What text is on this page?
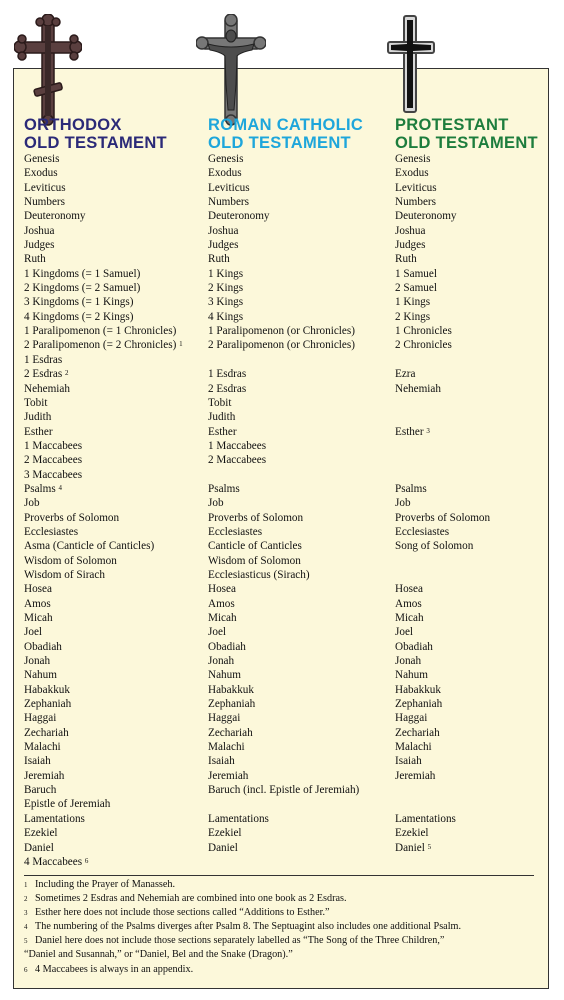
ORTHODOX
OLD TESTAMENT
Genesis
Exodus
Leviticus
Numbers
Deuteronomy
Joshua
Judges
Ruth
1 Kingdoms (= 1 Samuel)
2 Kingdoms (= 2 Samuel)
3 Kingdoms (= 1 Kings)
4 Kingdoms (= 2 Kings)
1 Paralipomenon (= 1 Chronicles)
2 Paralipomenon (= 2 Chronicles) $^1$
1 Esdras
2 Esdras $^2$
Nehemiah
Tobit
Judith
Esther
1 Maccabees
2 Maccabees
3 Maccabees
Psalms $^4$
Job
Proverbs of Solomon
Ecclesiastes
Asma (Canticle of Canticles)
Wisdom of Solomon
Wisdom of Sirach
Hosea
Amos
Micah
Joel
Obadiah
Jonah
Nahum
Habakkuk
Zephaniah
Haggai
Zechariah
Malachi
Isaiah
Jeremiah
Baruch
Epistle of Jeremiah
Lamentations
Ezekiel
Daniel
4 Maccabees $^6$
ROMAN CATHOLIC
OLD TESTAMENT
Genesis
Exodus
Leviticus
Numbers
Deuteronomy
Joshua
Judges
Ruth
1 Kings
2 Kings
3 Kings
4 Kings
1 Paralipomenon (or Chronicles)
2 Paralipomenon (or Chronicles)
1 Esdras
2 Esdras
Tobit
Judith
Esther
1 Maccabees
2 Maccabees
Psalms
Job
Proverbs of Solomon
Ecclesiastes
Canticle of Canticles
Wisdom of Solomon
Ecclesiasticus (Sirach)
Hosea
Amos
Micah
Joel
Obadiah
Jonah
Nahum
Habakkuk
Zephaniah
Haggai
Zechariah
Malachi
Isaiah
Jeremiah
Baruch (incl. Epistle of Jeremiah)
Lamentations
Ezekiel
Daniel
PROTESTANT
OLD TESTAMENT
Genesis
Exodus
Leviticus
Numbers
Deuteronomy
Joshua
Judges
Ruth
1 Samuel
2 Samuel
1 Kings
2 Kings
1 Chronicles
2 Chronicles
Ezra
Nehemiah
Esther $^3$
Psalms
Job
Proverbs of Solomon
Ecclesiastes
Song of Solomon
Hosea
Amos
Micah
Joel
Obadiah
Jonah
Nahum
Habakkuk
Zephaniah
Haggai
Zechariah
Malachi
Isaiah
Jeremiah
Lamentations
Ezekiel
Daniel $^5$
1 Including the Prayer of Manasseh.
2 Sometimes 2 Esdras and Nehemiah are combined into one book as 2 Esdras.
3 Esther here does not include those sections called “Additions to Esther.”
4 The numbering of the Psalms diverges after Psalm 8. The Septuagint also includes one additional Psalm.
5 Daniel here does not include those sections separately labelled as “The Song of the Three Children,”
“Daniel and Susannah,” or “Daniel, Bel and the Snake (Dragon).”
6 4 Maccabees is always in an appendix.
